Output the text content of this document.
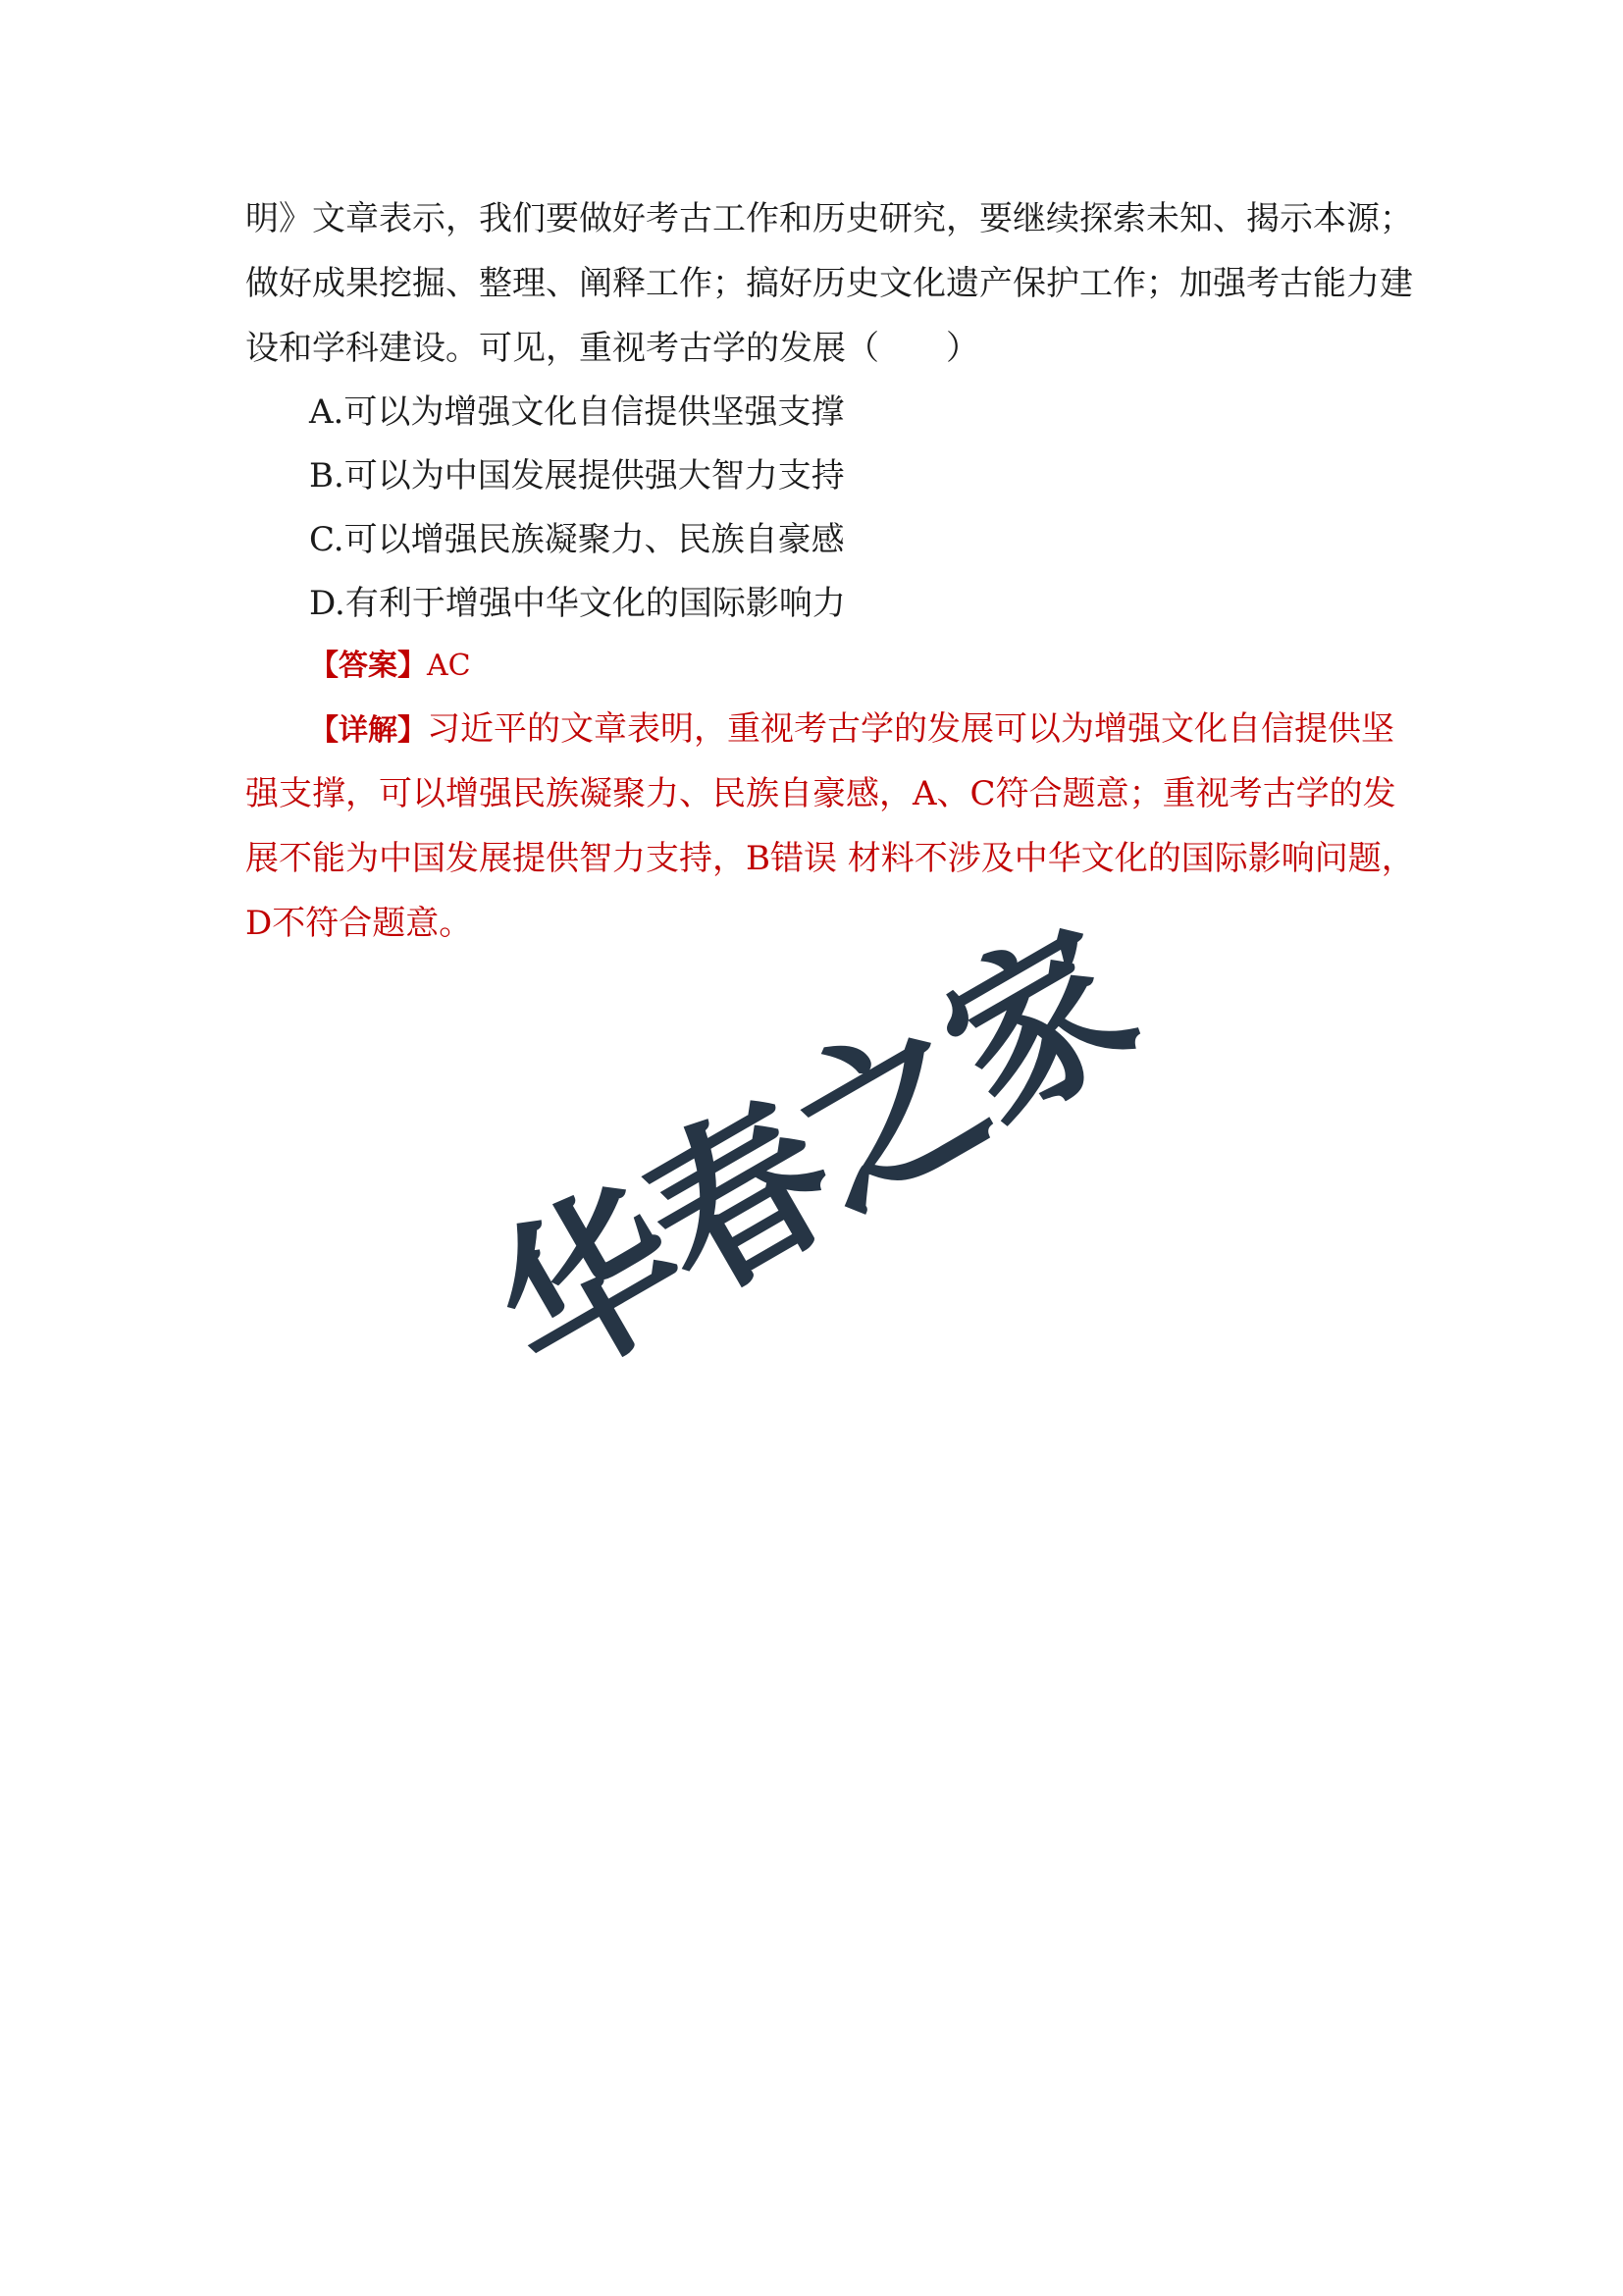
明》文章表示，我们要做好考古工作和历史研究，要继续探索未知、揭示本源；
做好成果挖掘、整理、阐释工作；搞好历史文化遗产保护工作；加强考古能力建
设和学科建设。可见，重视考古学的发展（　　）
A.可以为增强文化自信提供坚强支撑
B.可以为中国发展提供强大智力支持
C.可以增强民族凝聚力、民族自豪感
D.有利于增强中华文化的国际影响力
【答案】AC
【详解】习近平的文章表明，重视考古学的发展可以为增强文化自信提供坚
强支撑，可以增强民族凝聚力、民族自豪感，A、C符合题意；重视考古学的发
展不能为中国发展提供智力支持，B错误 材料不涉及中华文化的国际影响问题，
D不符合题意。
华春之家
